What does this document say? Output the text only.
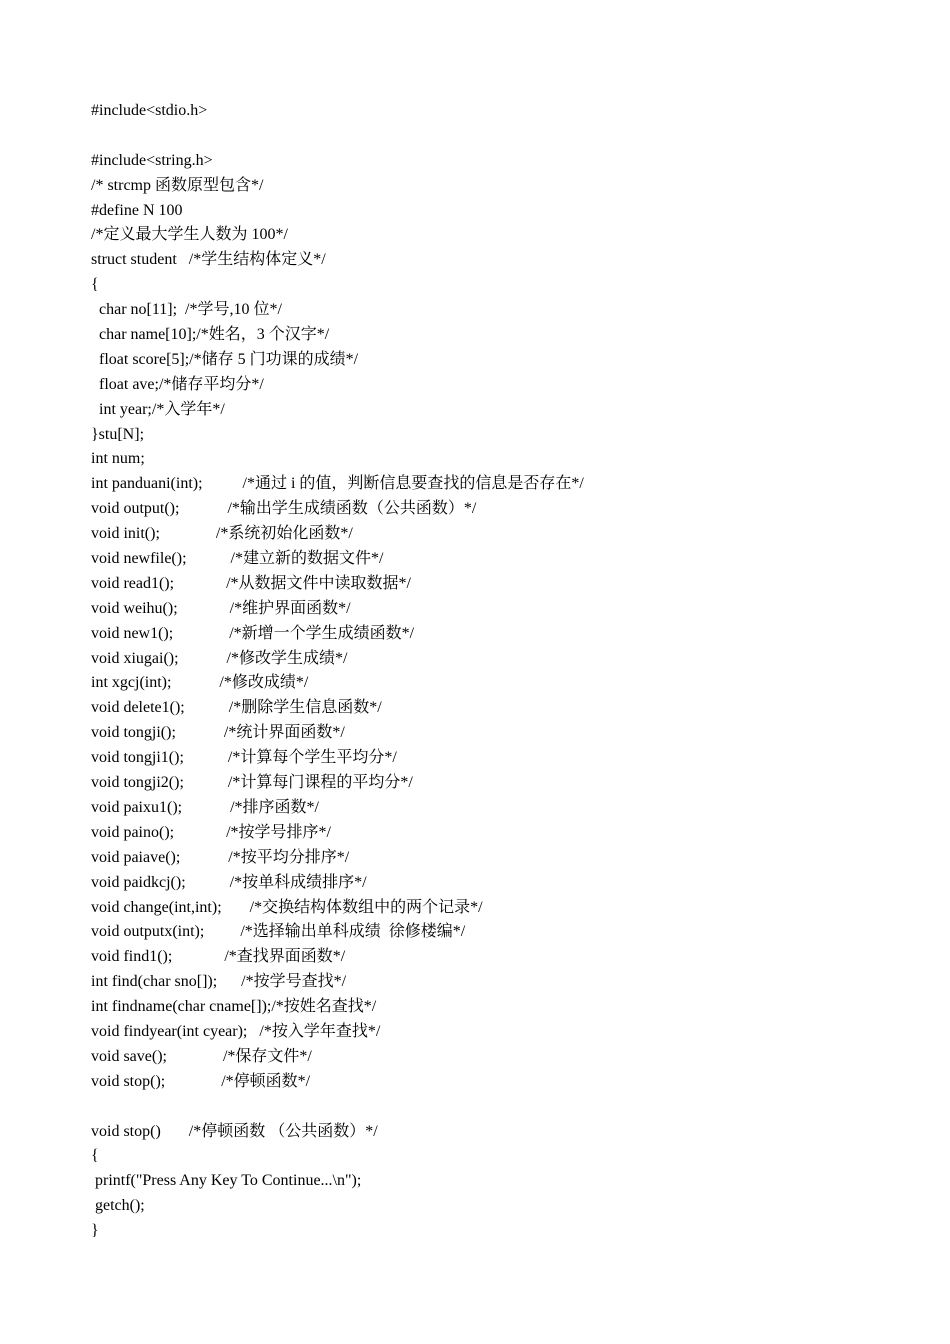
#include<stdio.h>
#include<string.h>
/* strcmp 函数原型包含*/
#define N 100
/*定义最大学生人数为 100*/
struct student   /*学生结构体定义*/
{
char no[11];  /*学号,10 位*/
char name[10];/*姓名，3 个汉字*/
float score[5];/*储存 5 门功课的成绩*/
float ave;/*储存平均分*/
int year;/*入学年*/
}stu[N];
int num;
int panduani(int);          /*通过 i 的值，判断信息要查找的信息是否存在*/
void output();            /*输出学生成绩函数（公共函数）*/
void init();              /*系统初始化函数*/
void newfile();           /*建立新的数据文件*/
void read1();             /*从数据文件中读取数据*/
void weihu();             /*维护界面函数*/
void new1();              /*新增一个学生成绩函数*/
void xiugai();            /*修改学生成绩*/
int xgcj(int);            /*修改成绩*/
void delete1();           /*删除学生信息函数*/
void tongji();            /*统计界面函数*/
void tongji1();           /*计算每个学生平均分*/
void tongji2();           /*计算每门课程的平均分*/
void paixu1();            /*排序函数*/
void paino();             /*按学号排序*/
void paiave();            /*按平均分排序*/
void paidkcj();           /*按单科成绩排序*/
void change(int,int);       /*交换结构体数组中的两个记录*/
void outputx(int);         /*选择输出单科成绩  徐修楼编*/
void find1();             /*查找界面函数*/
int find(char sno[]);      /*按学号查找*/
int findname(char cname[]);/*按姓名查找*/
void findyear(int cyear);   /*按入学年查找*/
void save();              /*保存文件*/
void stop();              /*停顿函数*/
void stop()       /*停顿函数 （公共函数）*/
{
printf("Press Any Key To Continue...\n");
getch();
}
